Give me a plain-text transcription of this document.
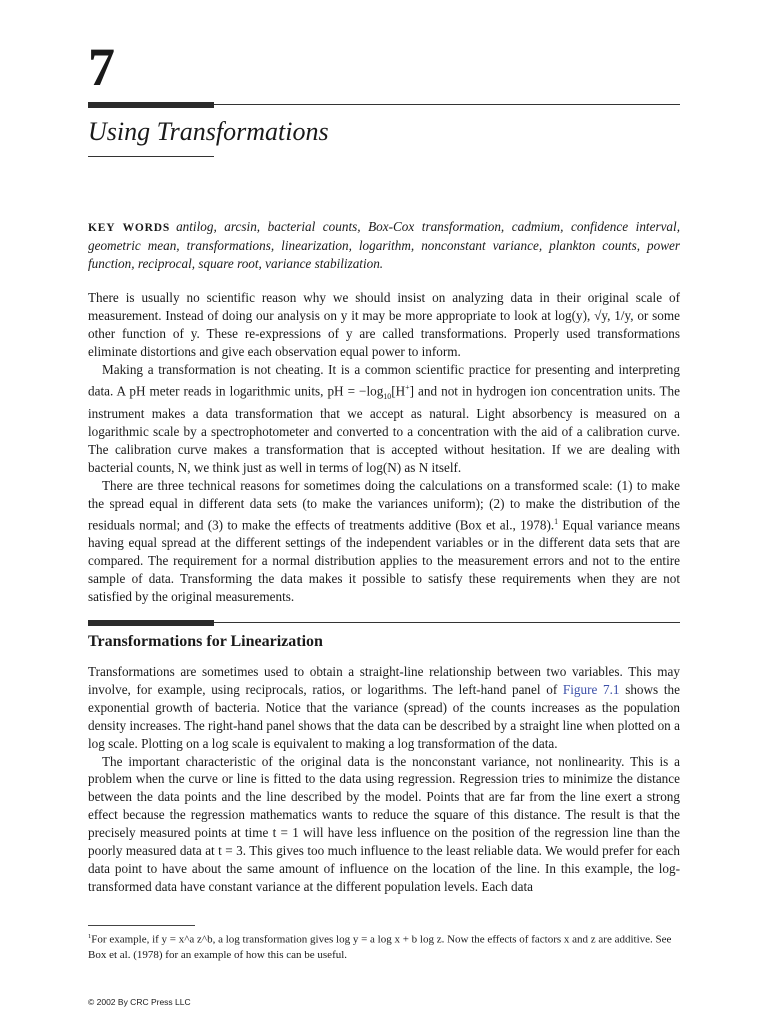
7
Using Transformations
KEY WORDS antilog, arcsin, bacterial counts, Box-Cox transformation, cadmium, confidence interval, geometric mean, transformations, linearization, logarithm, nonconstant variance, plankton counts, power function, reciprocal, square root, variance stabilization.

There is usually no scientific reason why we should insist on analyzing data in their original scale of measurement. Instead of doing our analysis on y it may be more appropriate to look at log(y), √y, 1/y, or some other function of y. These re-expressions of y are called transformations. Properly used transformations eliminate distortions and give each observation equal power to inform.

Making a transformation is not cheating. It is a common scientific practice for presenting and interpreting data. A pH meter reads in logarithmic units, pH = $-\log_{10}[H^+]$ and not in hydrogen ion concentration units. The instrument makes a data transformation that we accept as natural. Light absorbency is measured on a logarithmic scale by a spectrophotometer and converted to a concentration with the aid of a calibration curve. The calibration curve makes a transformation that is accepted without hesitation. If we are dealing with bacterial counts, N, we think just as well in terms of log(N) as N itself.

There are three technical reasons for sometimes doing the calculations on a transformed scale: (1) to make the spread equal in different data sets (to make the variances uniform); (2) to make the distribution of the residuals normal; and (3) to make the effects of treatments additive (Box et al., 1978).$^1$ Equal variance means having equal spread at the different settings of the independent variables or in the different data sets that are compared. The requirement for a normal distribution applies to the measurement errors and not to the entire sample of data. Transforming the data makes it possible to satisfy these requirements when they are not satisfied by the original measurements.

Transformations for Linearization

Transformations are sometimes used to obtain a straight-line relationship between two variables. This may involve, for example, using reciprocals, ratios, or logarithms. The left-hand panel of Figure 7.1 shows the exponential growth of bacteria. Notice that the variance (spread) of the counts increases as the population density increases. The right-hand panel shows that the data can be described by a straight line when plotted on a log scale. Plotting on a log scale is equivalent to making a log transformation of the data.

The important characteristic of the original data is the nonconstant variance, not nonlinearity. This is a problem when the curve or line is fitted to the data using regression. Regression tries to minimize the distance between the data points and the line described by the model. Points that are far from the line exert a strong effect because the regression mathematics wants to reduce the square of this distance. The result is that the precisely measured points at time t = 1 will have less influence on the position of the regression line than the poorly measured data at t = 3. This gives too much influence to the least reliable data. We would prefer for each data point to have about the same amount of influence on the location of the line. In this example, the log-transformed data have constant variance at the different population levels. Each data

$^1$For example, if y = x^a z^b, a log transformation gives log y = a log x + b log z. Now the effects of factors x and z are additive. See Box et al. (1978) for an example of how this can be useful.
© 2002 By CRC Press LLC
